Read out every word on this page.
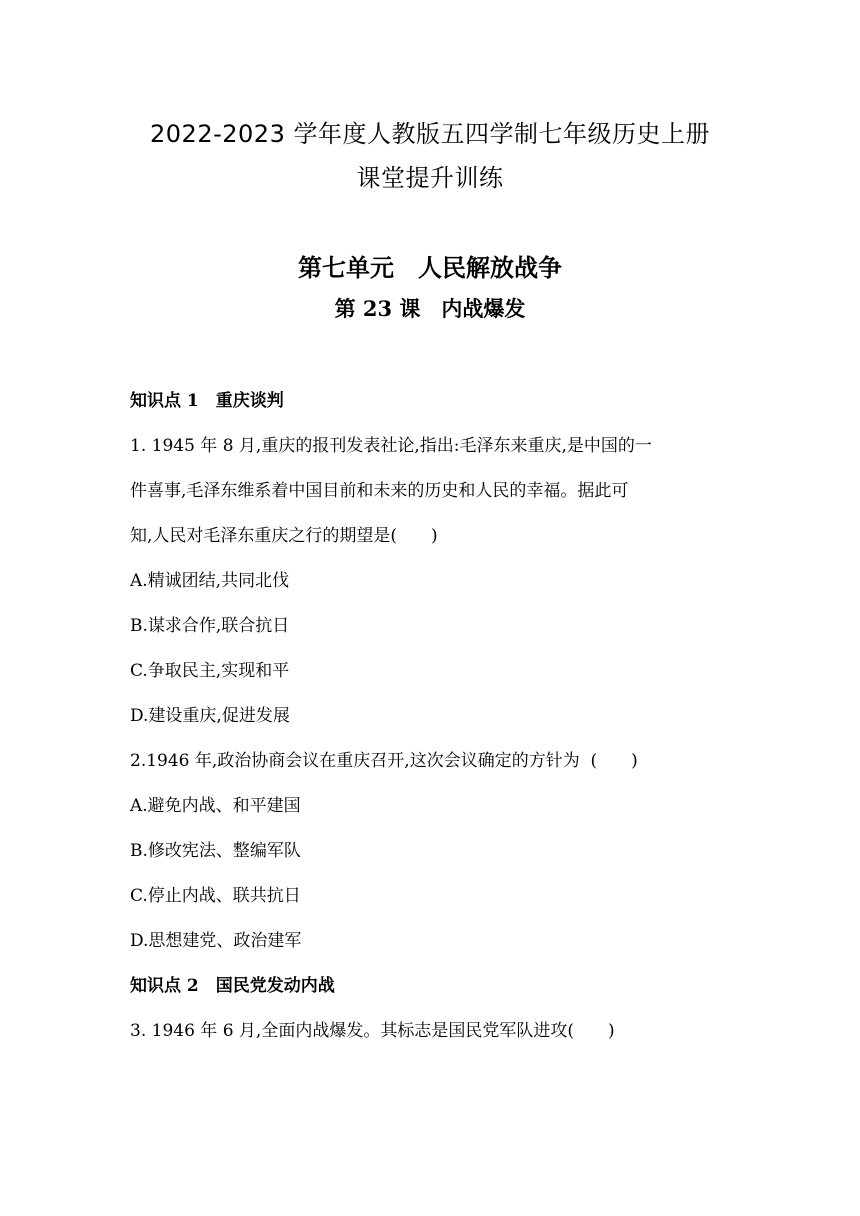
2022-2023 学年度人教版五四学制七年级历史上册
课堂提升训练
第七单元　人民解放战争
第 23 课　内战爆发
知识点 1　重庆谈判
1. 1945 年 8 月,重庆的报刊发表社论,指出:毛泽东来重庆,是中国的一
件喜事,毛泽东维系着中国目前和未来的历史和人民的幸福。据此可
知,人民对毛泽东重庆之行的期望是(　　)
A.精诚团结,共同北伐
B.谋求合作,联合抗日
C.争取民主,实现和平
D.建设重庆,促进发展
2.1946 年,政治协商会议在重庆召开,这次会议确定的方针为  (　　)
A.避免内战、和平建国
B.修改宪法、整编军队
C.停止内战、联共抗日
D.思想建党、政治建军
知识点 2　国民党发动内战
3. 1946 年 6 月,全面内战爆发。其标志是国民党军队进攻(　　)
